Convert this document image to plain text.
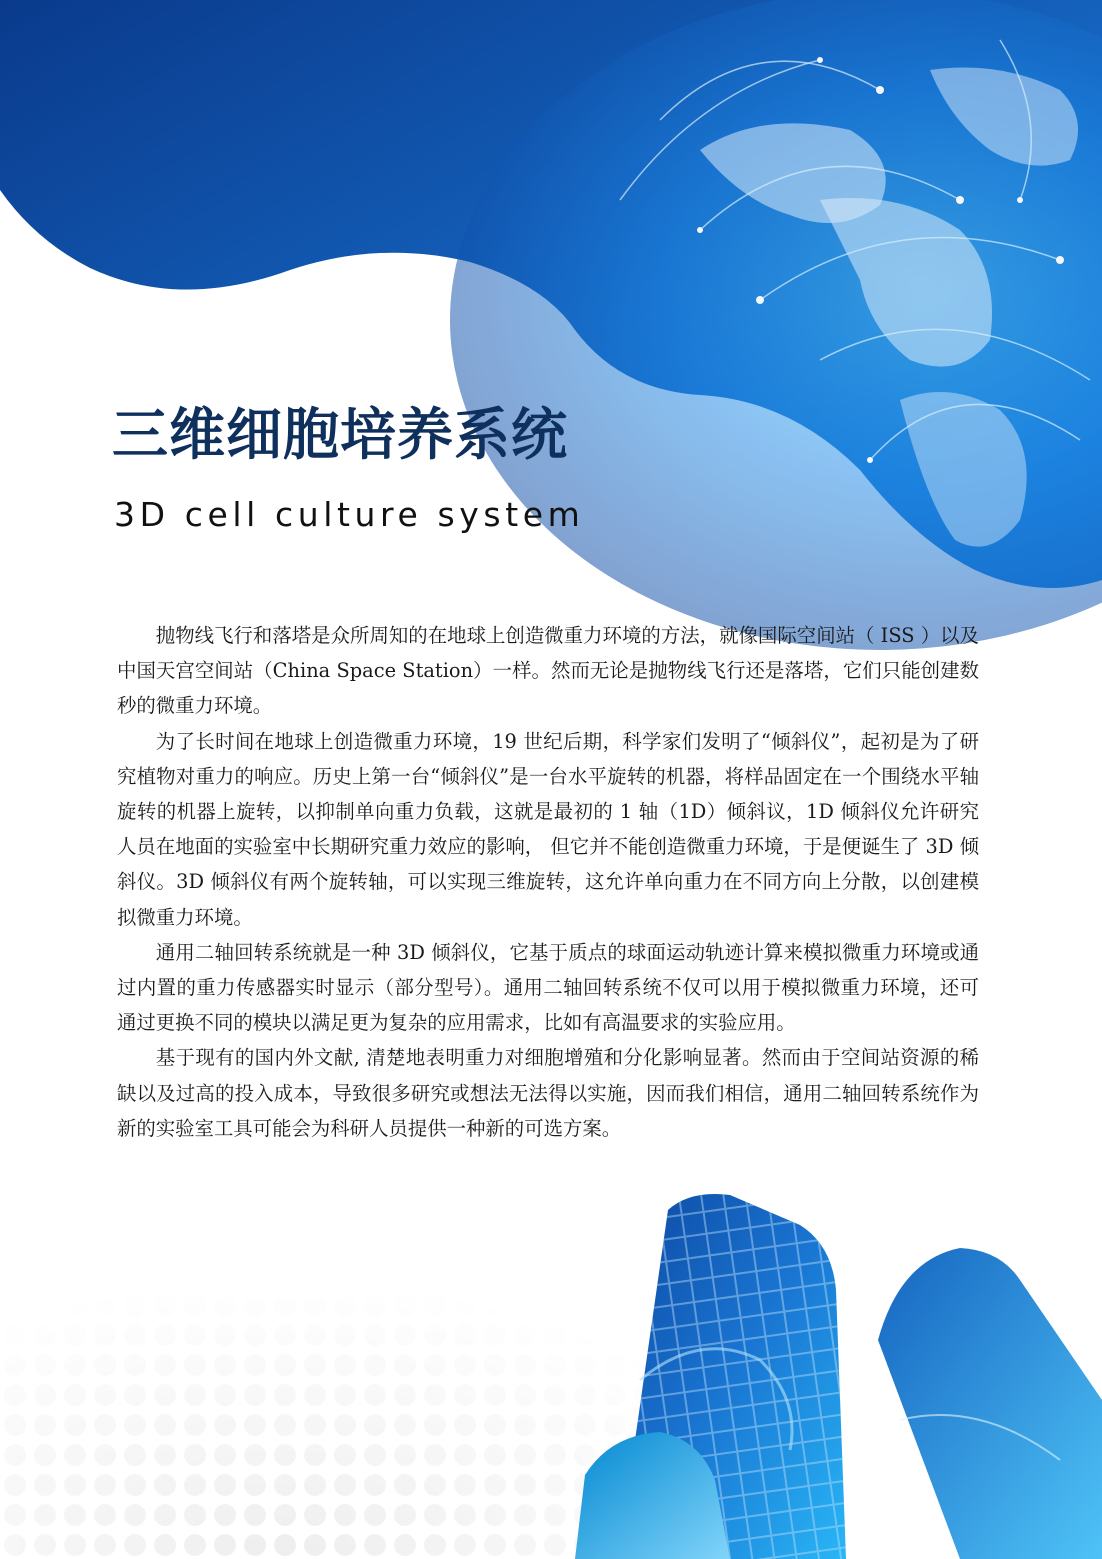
三维细胞培养系统
3D cell culture system

抛物线飞行和落塔是众所周知的在地球上创造微重力环境的方法，就像国际空间站（ ISS ）以及中国天宫空间站（China Space Station）一样。然而无论是抛物线飞行还是落塔，它们只能创建数秒的微重力环境。

为了长时间在地球上创造微重力环境，19 世纪后期，科学家们发明了“倾斜仪”，起初是为了研究植物对重力的响应。历史上第一台“倾斜仪”是一台水平旋转的机器，将样品固定在一个围绕水平轴旋转的机器上旋转，以抑制单向重力负载，这就是最初的 1 轴（1D）倾斜议，1D 倾斜仪允许研究人员在地面的实验室中长期研究重力效应的影响， 但它并不能创造微重力环境，于是便诞生了 3D 倾斜仪。3D 倾斜仪有两个旋转轴，可以实现三维旋转，这允许单向重力在不同方向上分散，以创建模拟微重力环境。

通用二轴回转系统就是一种 3D 倾斜仪，它基于质点的球面运动轨迹计算来模拟微重力环境或通过内置的重力传感器实时显示（部分型号）。通用二轴回转系统不仅可以用于模拟微重力环境，还可通过更换不同的模块以满足更为复杂的应用需求，比如有高温要求的实验应用。

基于现有的国内外文献, 清楚地表明重力对细胞增殖和分化影响显著。然而由于空间站资源的稀缺以及过高的投入成本，导致很多研究或想法无法得以实施，因而我们相信，通用二轴回转系统作为新的实验室工具可能会为科研人员提供一种新的可选方案。
